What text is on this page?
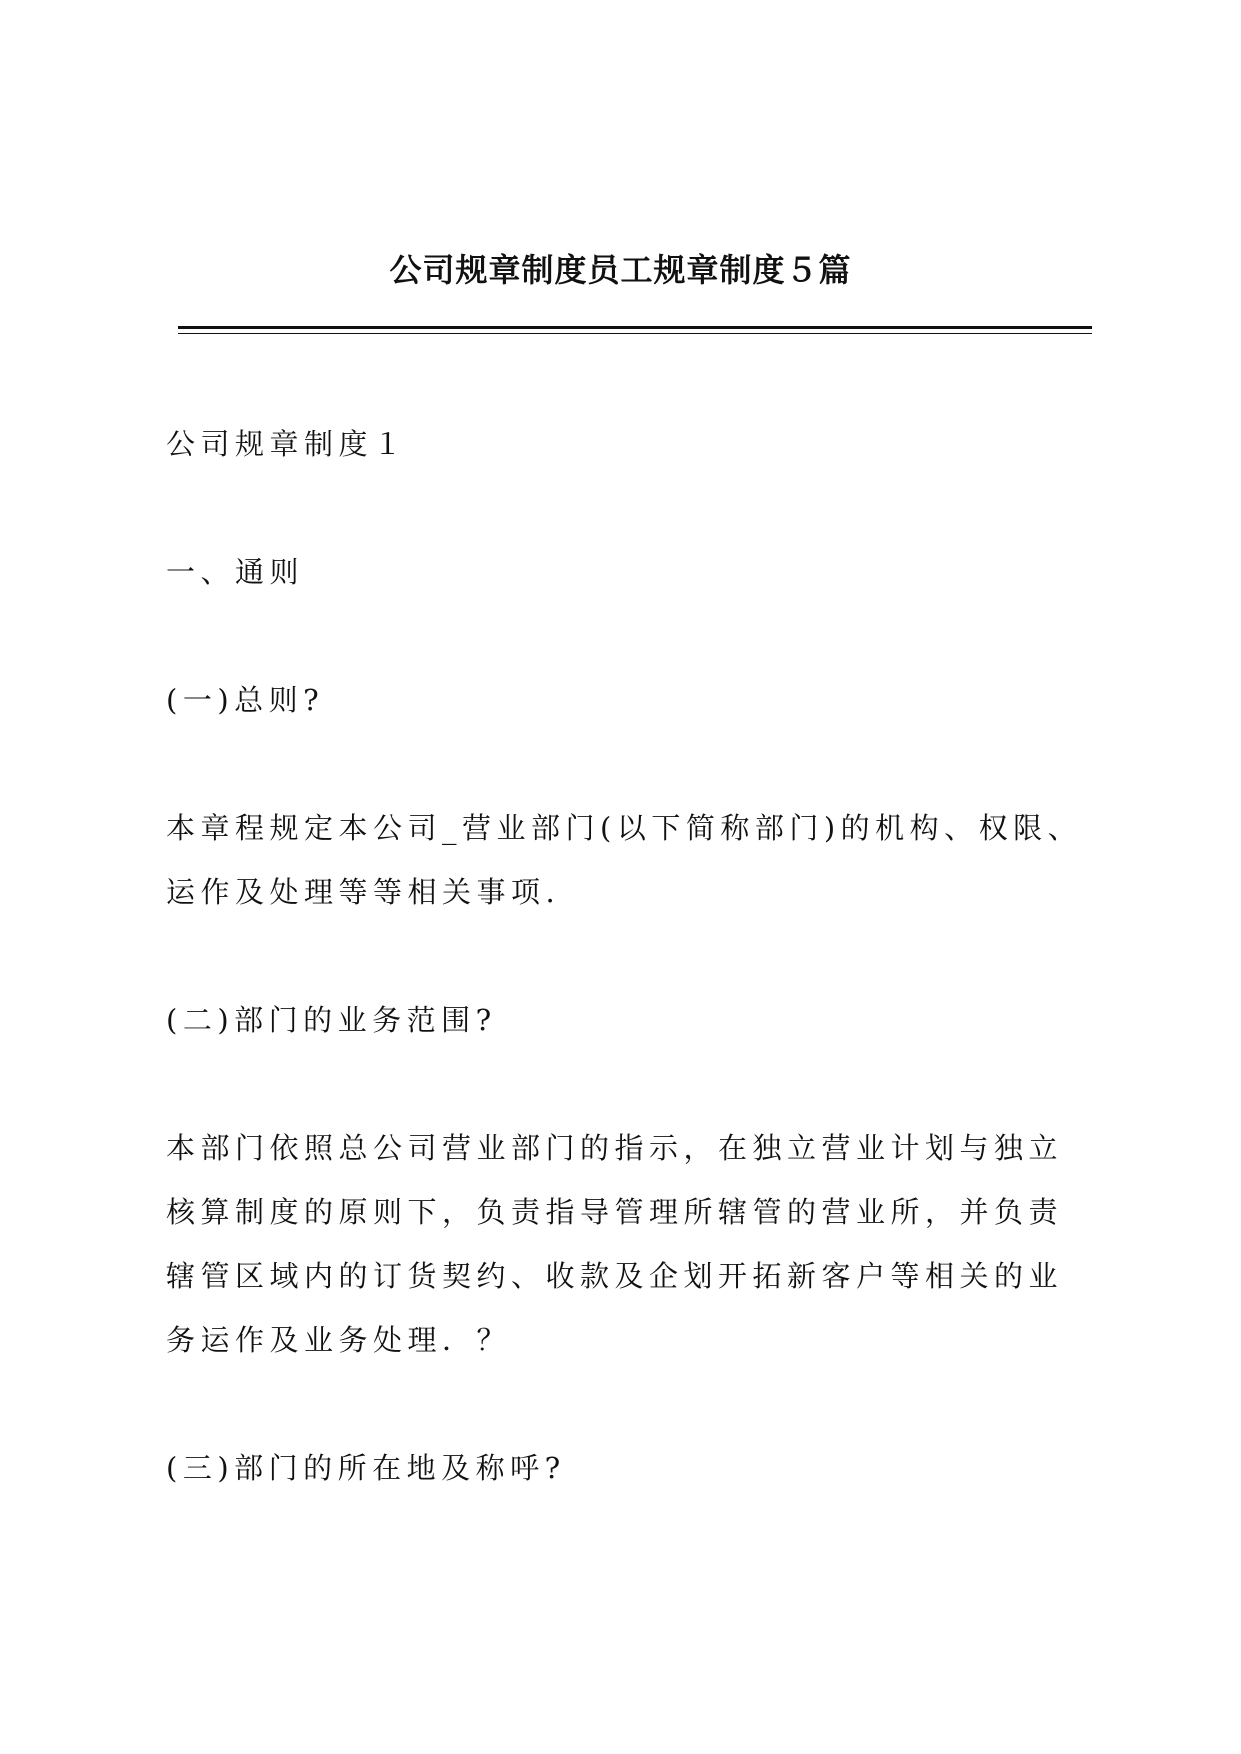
公司规章制度员工规章制度５篇
公司规章制度１
一、通则
(一)总则?
本章程规定本公司_营业部门(以下简称部门)的机构、权限、运作及处理等等相关事项.
(二)部门的业务范围?
本部门依照总公司营业部门的指示，在独立营业计划与独立核算制度的原则下，负责指导管理所辖管的营业所，并负责辖管区域内的订货契约、收款及企划开拓新客户等相关的业务运作及业务处理．？
(三)部门的所在地及称呼?
